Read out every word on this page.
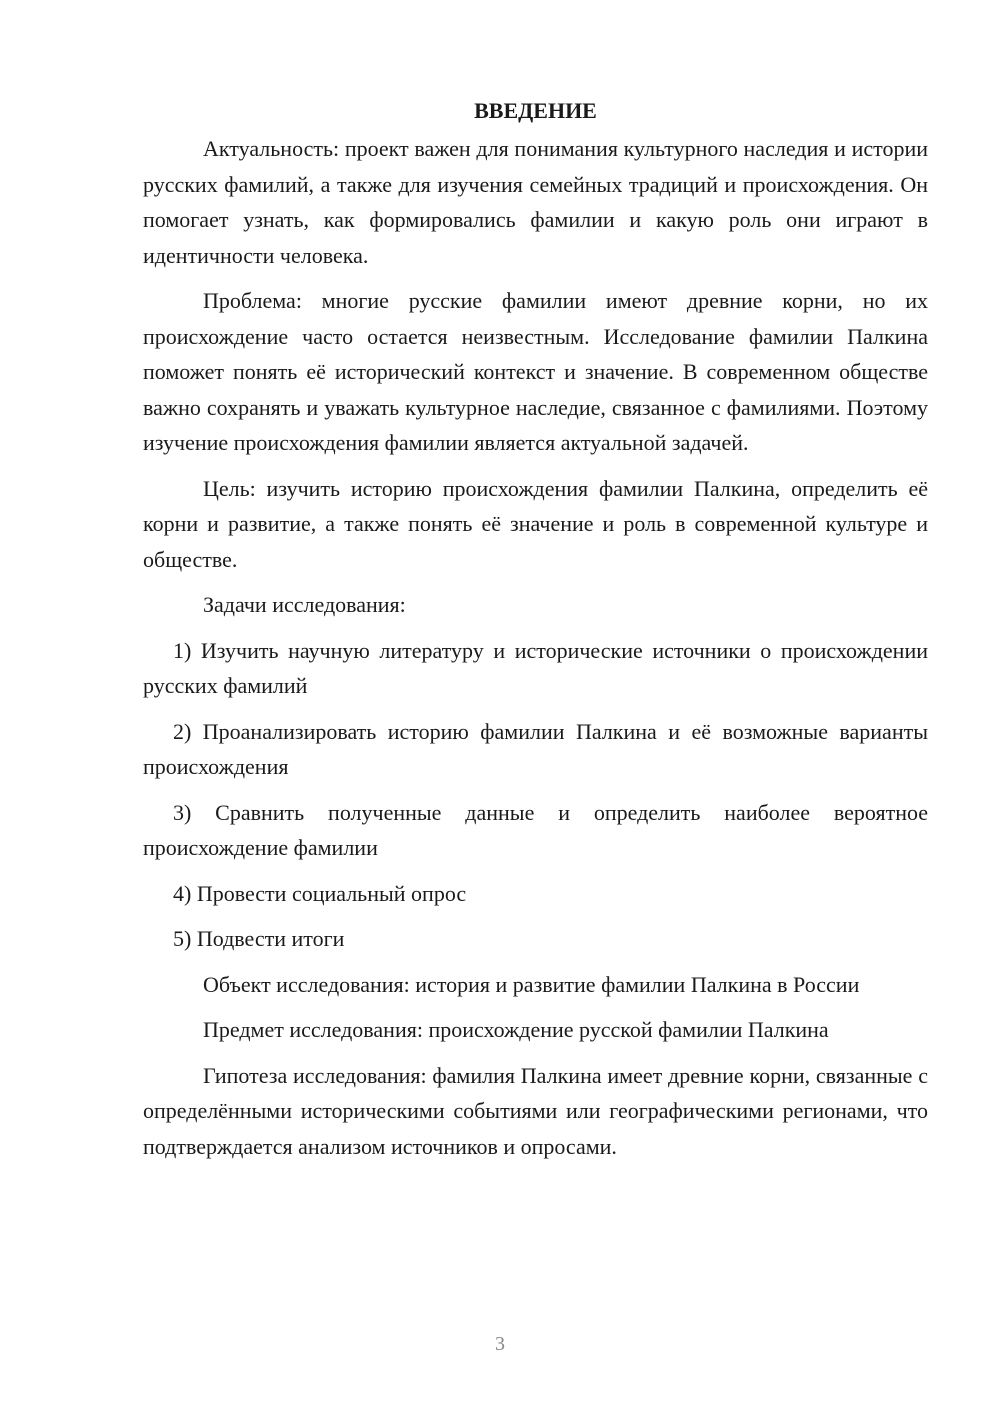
ВВЕДЕНИЕ

Актуальность: проект важен для понимания культурного наследия и истории русских фамилий, а также для изучения семейных традиций и происхождения. Он помогает узнать, как формировались фамилии и какую роль они играют в идентичности человека.

Проблема: многие русские фамилии имеют древние корни, но их происхождение часто остается неизвестным. Исследование фамилии Палкина поможет понять её исторический контекст и значение. В современном обществе важно сохранять и уважать культурное наследие, связанное с фамилиями. Поэтому изучение происхождения фамилии является актуальной задачей.

Цель: изучить историю происхождения фамилии Палкина, определить её корни и развитие, а также понять её значение и роль в современной культуре и обществе.

Задачи исследования:

1) Изучить научную литературу и исторические источники о происхождении русских фамилий

2) Проанализировать историю фамилии Палкина и её возможные варианты происхождения

3) Сравнить полученные данные и определить наиболее вероятное происхождение фамилии

4) Провести социальный опрос

5) Подвести итоги

Объект исследования: история и развитие фамилии Палкина в России

Предмет исследования: происхождение русской фамилии Палкина

Гипотеза исследования: фамилия Палкина имеет древние корни, связанные с определёнными историческими событиями или географическими регионами, что подтверждается анализом источников и опросами.

3
